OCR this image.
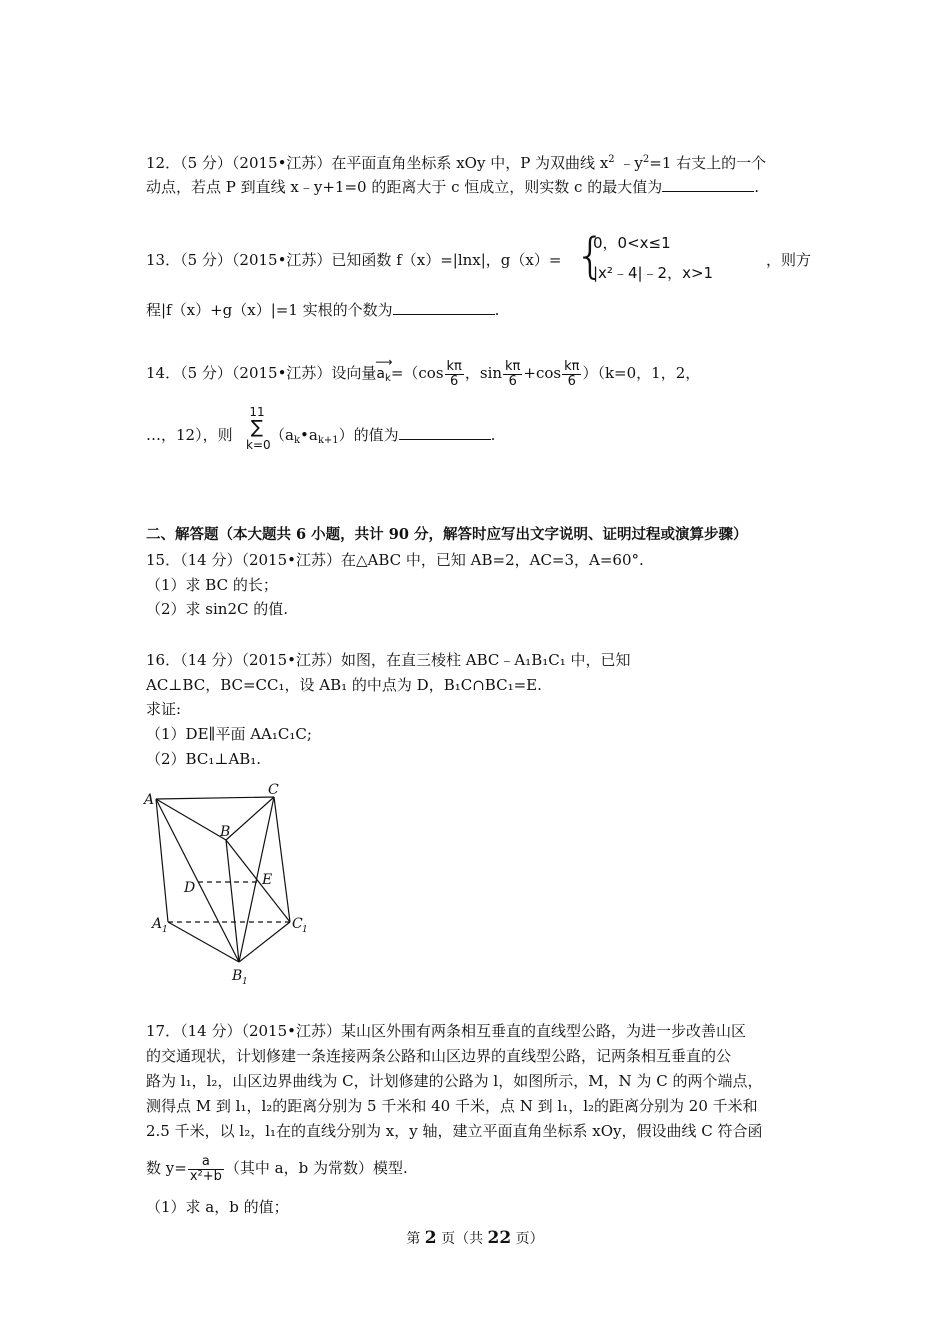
12．（5 分）（2015•江苏）在平面直角坐标系 xOy 中，P 为双曲线 $x^2$ $﹣y^2=1$ 右支上的一个
动点，若点 P 到直线 x﹣y+1=0 的距离大于 c 恒成立，则实数 c 的最大值为	.
13．（5 分）（2015•江苏）已知函数 f（x）=|lnx|，g（x）= {
0，0<x≤1
|x²﹣4|﹣2，x>1
，则方
程|f（x）+g（x）|=1 实根的个数为	.
14．（5 分）（2015•江苏）设向量
⟶
$a_k=(\cos \frac{k\pi}{6}$ ，$\sin \frac{k\pi}{6} +\cos \frac{k\pi}{6} )(k=0$，1，2，
…，12），则
11
∑
k=0
$(a_k•a_{k+1})$的值为	.
二、解答题（本大题共 6 小题，共计 90 分，解答时应写出文字说明、证明过程或演算步骤）
15．（14 分）（2015•江苏）在△ABC 中，已知 AB=2，AC=3，A=60°.
（1）求 BC 的长；
（2）求 sin2C 的值.
16．（14 分）（2015•江苏）如图，在直三棱柱 ABC﹣A₁B₁C₁ 中，已知
AC⊥BC，BC=CC₁，设 AB₁ 的中点为 D，B₁C∩BC₁=E.
求证:
（1）DE∥平面 AA₁C₁C;
（2）BC₁⊥AB₁.
A
C
B
D	E
A 1	C 1
B 1
17．（14 分）（2015•江苏）某山区外围有两条相互垂直的直线型公路，为进一步改善山区
的交通现状，计划修建一条连接两条公路和山区边界的直线型公路，记两条相互垂直的公
路为 l₁，l₂，山区边界曲线为 C，计划修建的公路为 l，如图所示，M，N 为 C 的两个端点，
测得点 M 到 l₁，l₂的距离分别为 5 千米和 40 千米，点 N 到 l₁，l₂的距离分别为 20 千米和
2.5 千米，以 l₂，l₁在的直线分别为 x，y 轴，建立平面直角坐标系 xOy，假设曲线 C 符合函
数 $y= \frac{a}{\text{x²+b}}$ （其中 a，b 为常数）模型.
（1）求 a，b 的值；
第 2 页（共 22 页）
